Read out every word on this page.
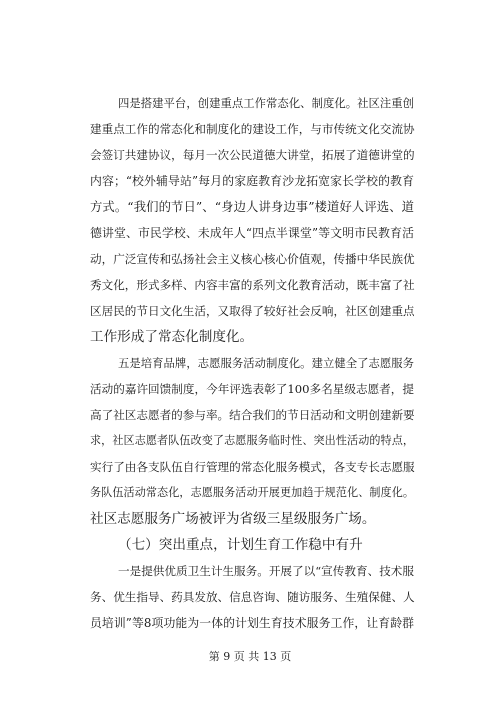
四是搭建平台，创建重点工作常态化、制度化。社区注重创
建重点工作的常态化和制度化的建设工作，与市传统文化交流协
会签订共建协议，每月一次公民道德大讲堂，拓展了道德讲堂的
内容；“校外辅导站”每月的家庭教育沙龙拓宽家长学校的教育
方式。“我们的节日”、“身边人讲身边事”楼道好人评选、道
德讲堂、市民学校、未成年人“四点半课堂”等文明市民教育活
动，广泛宣传和弘扬社会主义核心核心价值观，传播中华民族优
秀文化，形式多样、内容丰富的系列文化教育活动，既丰富了社
区居民的节日文化生活，又取得了较好社会反响，社区创建重点
工作形成了常态化制度化。
五是培育品牌，志愿服务活动制度化。建立健全了志愿服务
活动的嘉许回馈制度，今年评选表彰了100多名星级志愿者，提
高了社区志愿者的参与率。结合我们的节日活动和文明创建新要
求，社区志愿者队伍改变了志愿服务临时性、突出性活动的特点，
实行了由各支队伍自行管理的常态化服务模式，各支专长志愿服
务队伍活动常态化，志愿服务活动开展更加趋于规范化、制度化。
社区志愿服务广场被评为省级三星级服务广场。
（七）突出重点，计划生育工作稳中有升
一是提供优质卫生计生服务。开展了以“宣传教育、技术服
务、优生指导、药具发放、信息咨询、随访服务、生殖保健、人
员培训”等8项功能为一体的计划生育技术服务工作，让育龄群
第 9 页 共 13 页
